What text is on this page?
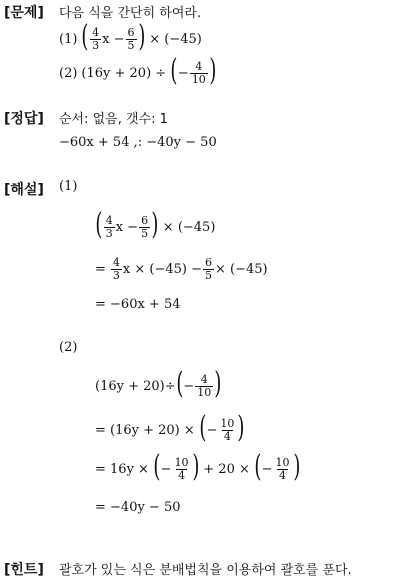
[문제] 다음 식을 간단히 하여라.
(1) ( $\frac{4}{3}$ $x - \frac{6}{5}$ ) × (−45)
(2) (16y + 20) ÷ ( − $\frac{4}{10}$ )
[정답] 순서: 없음, 갯수: 1
−60x + 54 ,: −40y − 50
[해설] (1)
( $\frac{4}{3}$ $x - \frac{6}{5}$ ) × (−45)
= $\frac{4}{3}$ $x \times (-45) - \frac{6}{5} \times (-45)$
= −60x + 54
(2)
(16y + 20)÷ ( − $\frac{4}{10}$ )
= (16y + 20) × ( − $\frac{10}{4}$ )
= 16y × ( − $\frac{10}{4}$ ) + 20 × ( − $\frac{10}{4}$ )
= −40y − 50
[힌트] 괄호가 있는 식은 분배법칙을 이용하여 괄호를 푼다.
